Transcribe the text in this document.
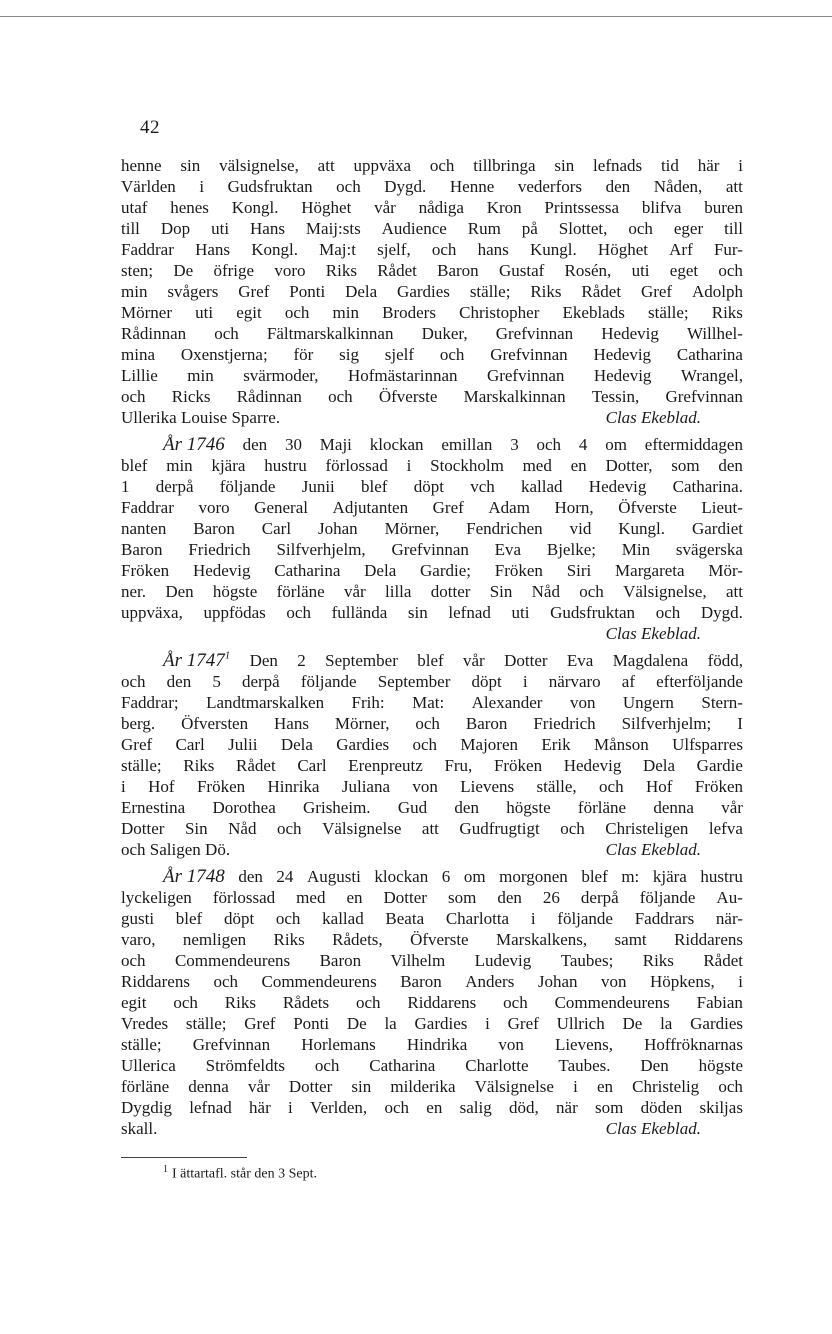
42
henne sin välsignelse, att uppväxa och tillbringa sin lefnads tid här i
Världen i Gudsfruktan och Dygd. Henne vederfors den Nåden, att
utaf henes Kongl. Höghet vår nådiga Kron Printssessa blifva buren
till Dop uti Hans Maij:sts Audience Rum på Slottet, och eger till
Faddrar Hans Kongl. Maj:t sjelf, och hans Kungl. Höghet Arf Fur-
sten; De öfrige voro Riks Rådet Baron Gustaf Rosén, uti eget och
min svågers Gref Ponti Dela Gardies ställe; Riks Rådet Gref Adolph
Mörner uti egit och min Broders Christopher Ekeblads ställe; Riks
Rådinnan och Fältmarskalkinnan Duker, Grefvinnan Hedevig Willhel-
mina Oxenstjerna; för sig sjelf och Grefvinnan Hedevig Catharina
Lillie min svärmoder, Hofmästarinnan Grefvinnan Hedevig Wrangel,
och Ricks Rådinnan och Öfverste Marskalkinnan Tessin, Grefvinnan
Ullerika Louise Sparre.	Clas Ekeblad.
År 1746 den 30 Maji klockan emillan 3 och 4 om eftermiddagen
blef min kjära hustru förlossad i Stockholm med en Dotter, som den
1 derpå följande Junii blef döpt vch kallad Hedevig Catharina.
Faddrar voro General Adjutanten Gref Adam Horn, Öfverste Lieut-
nanten Baron Carl Johan Mörner, Fendrichen vid Kungl. Gardiet
Baron Friedrich Silfverhjelm, Grefvinnan Eva Bjelke; Min svägerska
Fröken Hedevig Catharina Dela Gardie; Fröken Siri Margareta Mör-
ner. Den högste förläne vår lilla dotter Sin Nåd och Välsignelse, att
uppväxa, uppfödas och fullända sin lefnad uti Gudsfruktan och Dygd.
Clas Ekeblad.
År 1747$^1$ Den 2 September blef vår Dotter Eva Magdalena född,
och den 5 derpå följande September döpt i närvaro af efterföljande
Faddrar; Landtmarskalken Frih: Mat: Alexander von Ungern Stern-
berg. Öfversten Hans Mörner, och Baron Friedrich Silfverhjelm; I
Gref Carl Julii Dela Gardies och Majoren Erik Månson Ulfsparres
ställe; Riks Rådet Carl Erenpreutz Fru, Fröken Hedevig Dela Gardie
i Hof Fröken Hinrika Juliana von Lievens ställe, och Hof Fröken
Ernestina Dorothea Grisheim. Gud den högste förläne denna vår
Dotter Sin Nåd och Välsignelse att Gudfrugtigt och Christeligen lefva
och Saligen Dö.	Clas Ekeblad.
År 1748 den 24 Augusti klockan 6 om morgonen blef m: kjära hustru
lyckeligen förlossad med en Dotter som den 26 derpå följande Au-
gusti blef döpt och kallad Beata Charlotta i följande Faddrars när-
varo, nemligen Riks Rådets, Öfverste Marskalkens, samt Riddarens
och Commendeurens Baron Vilhelm Ludevig Taubes; Riks Rådet
Riddarens och Commendeurens Baron Anders Johan von Höpkens, i
egit och Riks Rådets och Riddarens och Commendeurens Fabian
Vredes ställe; Gref Ponti De la Gardies i Gref Ullrich De la Gardies
ställe; Grefvinnan Horlemans Hindrika von Lievens, Hoffröknarnas
Ullerica Strömfeldts och Catharina Charlotte Taubes. Den högste
förläne denna vår Dotter sin milderika Välsignelse i en Christelig och
Dygdig lefnad här i Verlden, och en salig död, när som döden skiljas
skall.	Clas Ekeblad.
$^1$ I ättartafl. står den 3 Sept.
